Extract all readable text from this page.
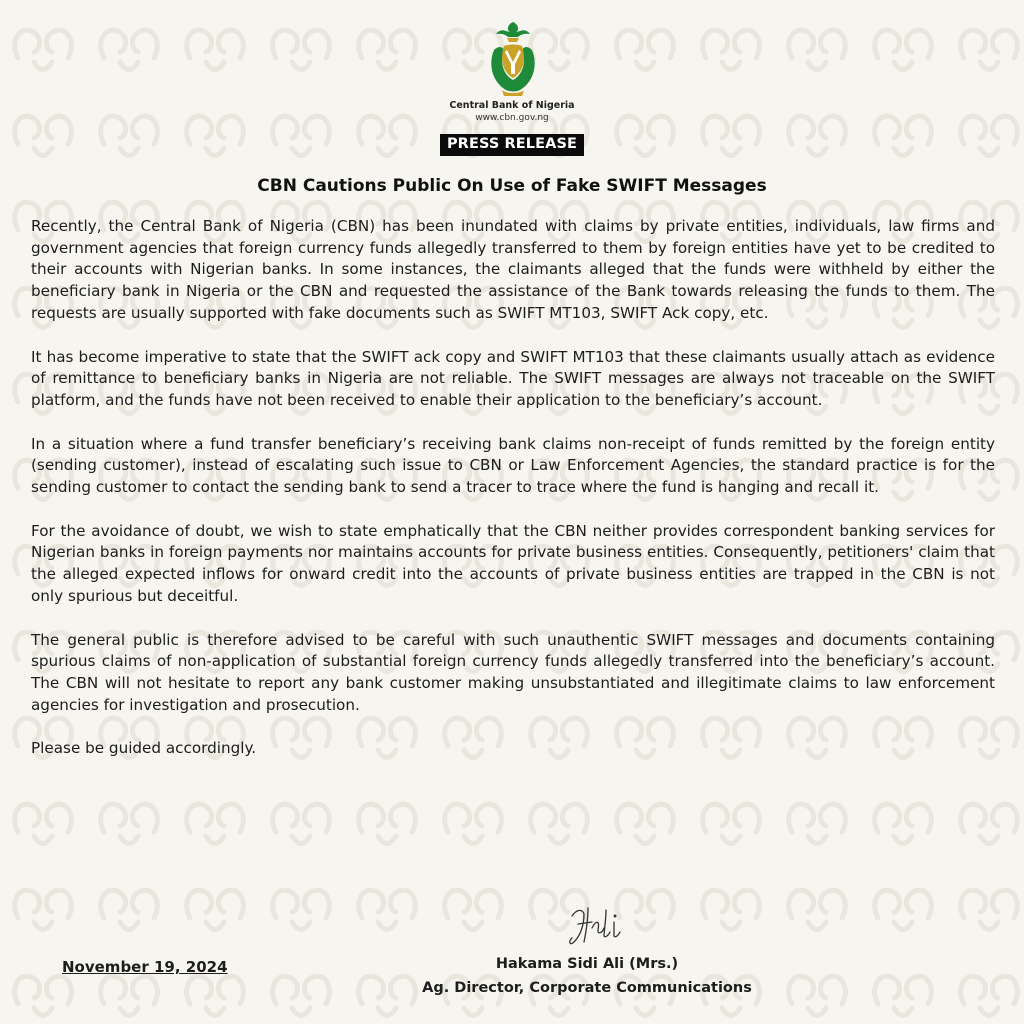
Central Bank of Nigeria
www.cbn.gov.ng
PRESS RELEASE
CBN Cautions Public On Use of Fake SWIFT Messages

Recently, the Central Bank of Nigeria (CBN) has been inundated with claims by private entities, individuals, law firms and government agencies that foreign currency funds allegedly transferred to them by foreign entities have yet to be credited to their accounts with Nigerian banks. In some instances, the claimants alleged that the funds were withheld by either the beneficiary bank in Nigeria or the CBN and requested the assistance of the Bank towards releasing the funds to them. The requests are usually supported with fake documents such as SWIFT MT103, SWIFT Ack copy, etc.

It has become imperative to state that the SWIFT ack copy and SWIFT MT103 that these claimants usually attach as evidence of remittance to beneficiary banks in Nigeria are not reliable. The SWIFT messages are always not traceable on the SWIFT platform, and the funds have not been received to enable their application to the beneficiary’s account.

In a situation where a fund transfer beneficiary’s receiving bank claims non-receipt of funds remitted by the foreign entity (sending customer), instead of escalating such issue to CBN or Law Enforcement Agencies, the standard practice is for the sending customer to contact the sending bank to send a tracer to trace where the fund is hanging and recall it.

For the avoidance of doubt, we wish to state emphatically that the CBN neither provides correspondent banking services for Nigerian banks in foreign payments nor maintains accounts for private business entities. Consequently, petitioners' claim that the alleged expected inflows for onward credit into the accounts of private business entities are trapped in the CBN is not only spurious but deceitful.

The general public is therefore advised to be careful with such unauthentic SWIFT messages and documents containing spurious claims of non-application of substantial foreign currency funds allegedly transferred into the beneficiary’s account. The CBN will not hesitate to report any bank customer making unsubstantiated and illegitimate claims to law enforcement agencies for investigation and prosecution.

Please be guided accordingly.

November 19, 2024	Hakama Sidi Ali (Mrs.)
Ag. Director, Corporate Communications
